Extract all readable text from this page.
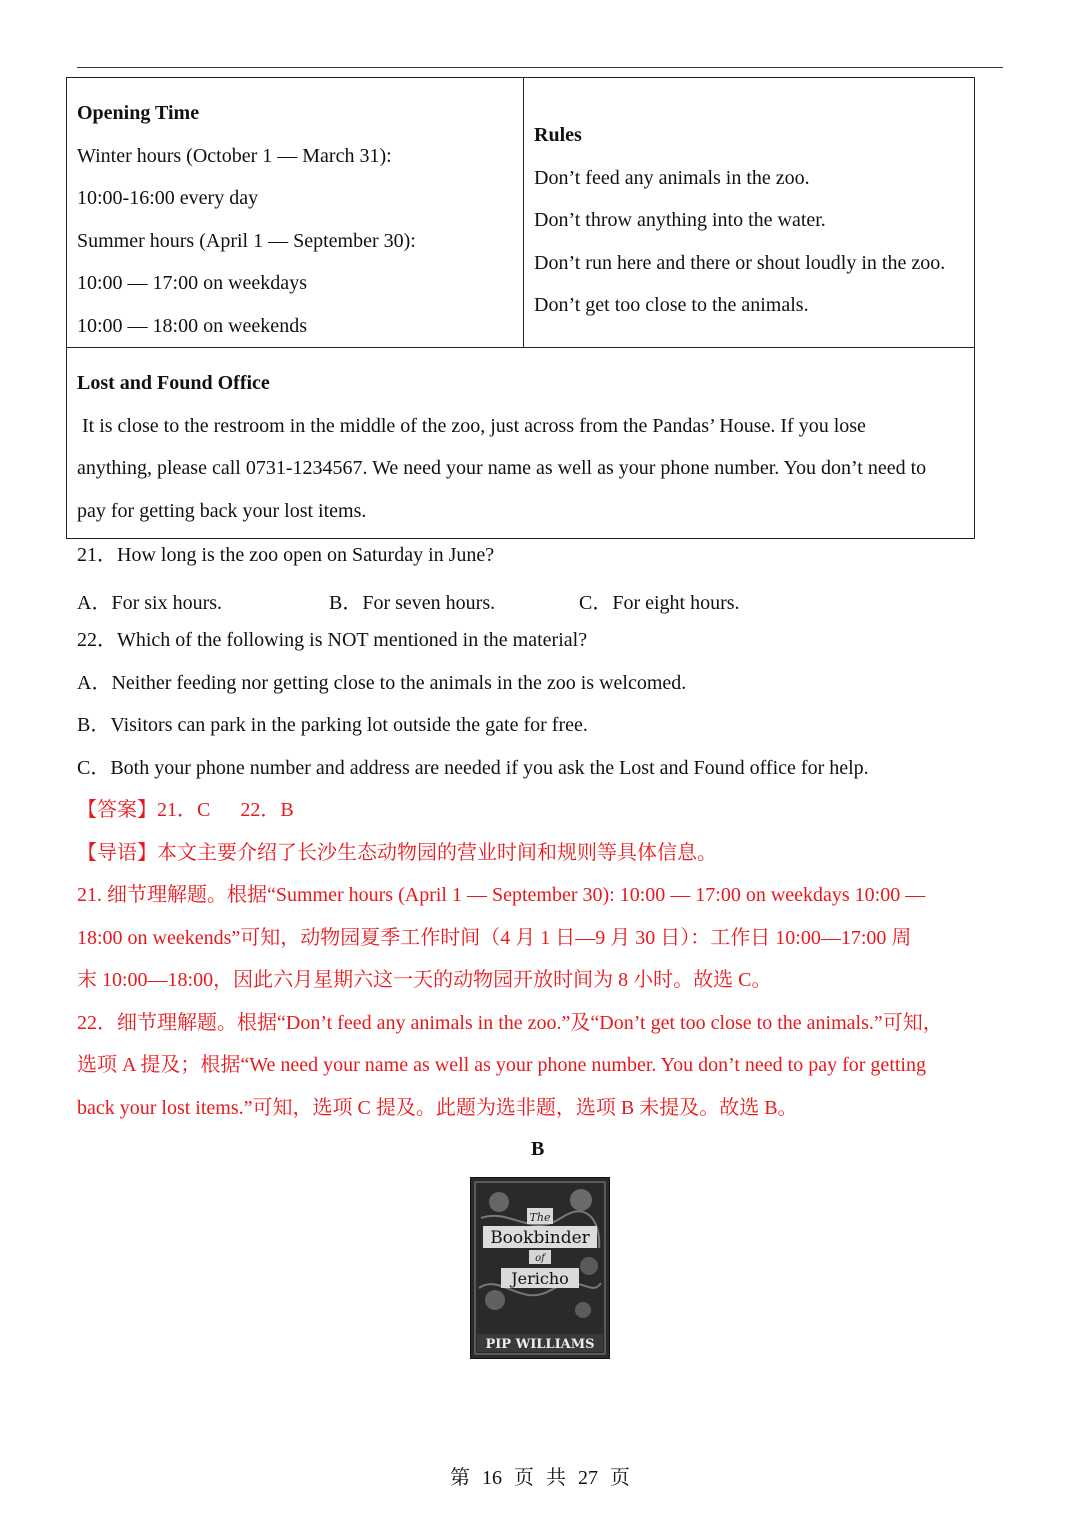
Opening Time
Winter hours (October 1 — March 31):
10:00-16:00 every day
Summer hours (April 1 — September 30):
10:00 — 17:00 on weekdays
10:00 — 18:00 on weekends

Rules
Don’t feed any animals in the zoo.
Don’t throw anything into the water.
Don’t run here and there or shout loudly in the zoo.
Don’t get too close to the animals.

Lost and Found Office
It is close to the restroom in the middle of the zoo, just across from the Pandas’ House. If you lose anything, please call 0731-1234567. We need your name as well as your phone number. You don’t need to pay for getting back your lost items.
21．How long is the zoo open on Saturday in June?
A．For six hours.	B．For seven hours.	C．For eight hours.
22．Which of the following is NOT mentioned in the material?
A．Neither feeding nor getting close to the animals in the zoo is welcomed.
B．Visitors can park in the parking lot outside the gate for free.
C．Both your phone number and address are needed if you ask the Lost and Found office for help.
【答案】21．C      22．B
【导语】本文主要介绍了长沙生态动物园的营业时间和规则等具体信息。
21. 细节理解题。根据“Summer hours (April 1 — September 30): 10:00 — 17:00 on weekdays 10:00 —
18:00 on weekends”可知，动物园夏季工作时间（4 月 1 日—9 月 30 日）：工作日 10:00—17:00 周
末 10:00—18:00，因此六月星期六这一天的动物园开放时间为 8 小时。故选 C。
22．细节理解题。根据“Don’t feed any animals in the zoo.”及“Don’t get too close to the animals.”可知，
选项 A 提及；根据“We need your name as well as your phone number. You don’t need to pay for getting
back your lost items.”可知，选项 C 提及。此题为选非题，选项 B 未提及。故选 B。
B
The
Bookbinder
of
Jericho
PIP WILLIAMS
第 16 页 共 27 页
